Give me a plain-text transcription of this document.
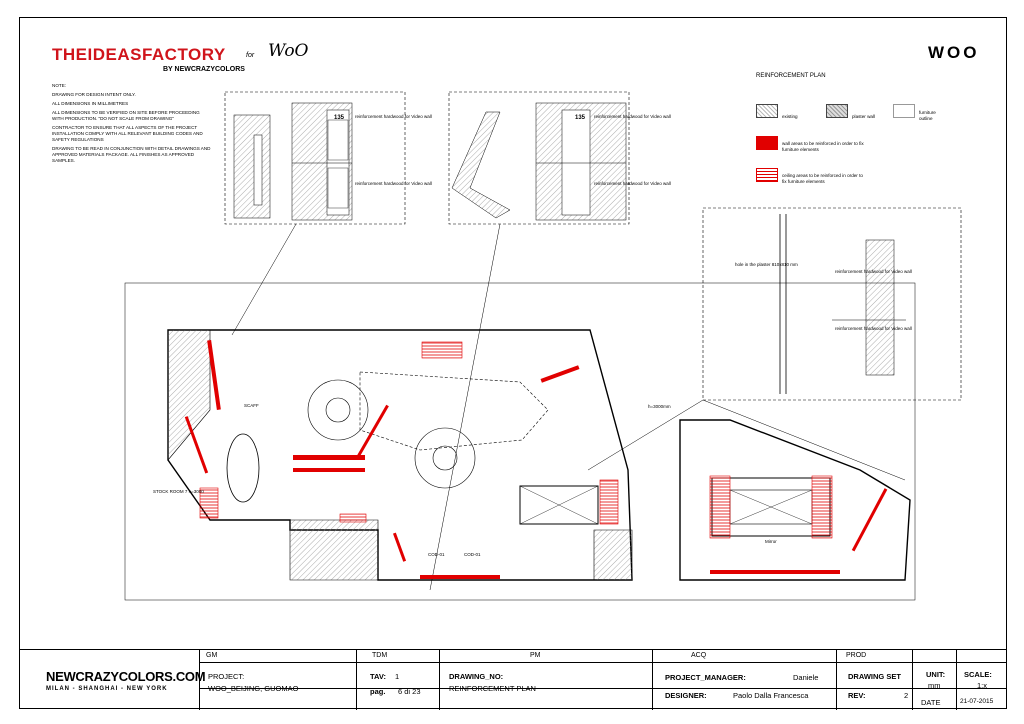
THEIDEASFACTORY
BY NEWCRAZYCOLORS
for WoO	WOO

NOTE:

DRAWING FOR DESIGN INTENT ONLY.

ALL DIMENSIONS IN MILLIMETRES

ALL DIMENSIONS TO BE VERIFIED ON SITE BEFORE PROCEEDING WITH PRODUCTION. "DO NOT SCALE FROM DRAWING"

CONTRACTOR TO ENSURE THAT ALL ASPECTS OF THE PROJECT INSTALLATION COMPLY WITH ALL RELEVANT BUILDING CODES AND SAFETY REGULATIONS

DRAWING TO BE READ IN CONJUNCTION WITH DETAIL DRAWINGS AND APPROVED MATERIALS PACKAGE. ALL FINISHES AS APPROVED SAMPLES.

REINFORCEMENT PLAN
existing	plaster wall
furniture outline
wall areas to be reinforced in order to fix furniture elements
ceiling areas to be reinforced in order to fix furniture elements
135 reinforcement hardwood for Video wall
reinforcement hardwood for Video wall
135 reinforcement hardwood for Video wall
reinforcement hardwood for Video wall
hole in the plaster 810x810 mm
reinforcement hardwood for Video wall
reinforcement hardwood for Video wall
SCAFF
STOCK ROOM 7 h=3000
h=3000mm
COD-01	COD-01
Mirror
NEWCRAZYCOLORS.COM
MILAN - SHANGHAI - NEW YORK
GM	TDM	PM	ACQ	PROD
PROJECT:
WOO_BEIJING, GUOMAO
TAV: 1
pag. 6 di 23
DRAWING_NO:
REINFORCEMENT PLAN
PROJECT_MANAGER:	Daniele
DESIGNER:	Paolo Dalla Francesca
DRAWING SET
REV:	2
UNIT:
mm
SCALE:
1:x
DATE	21-07-2015
